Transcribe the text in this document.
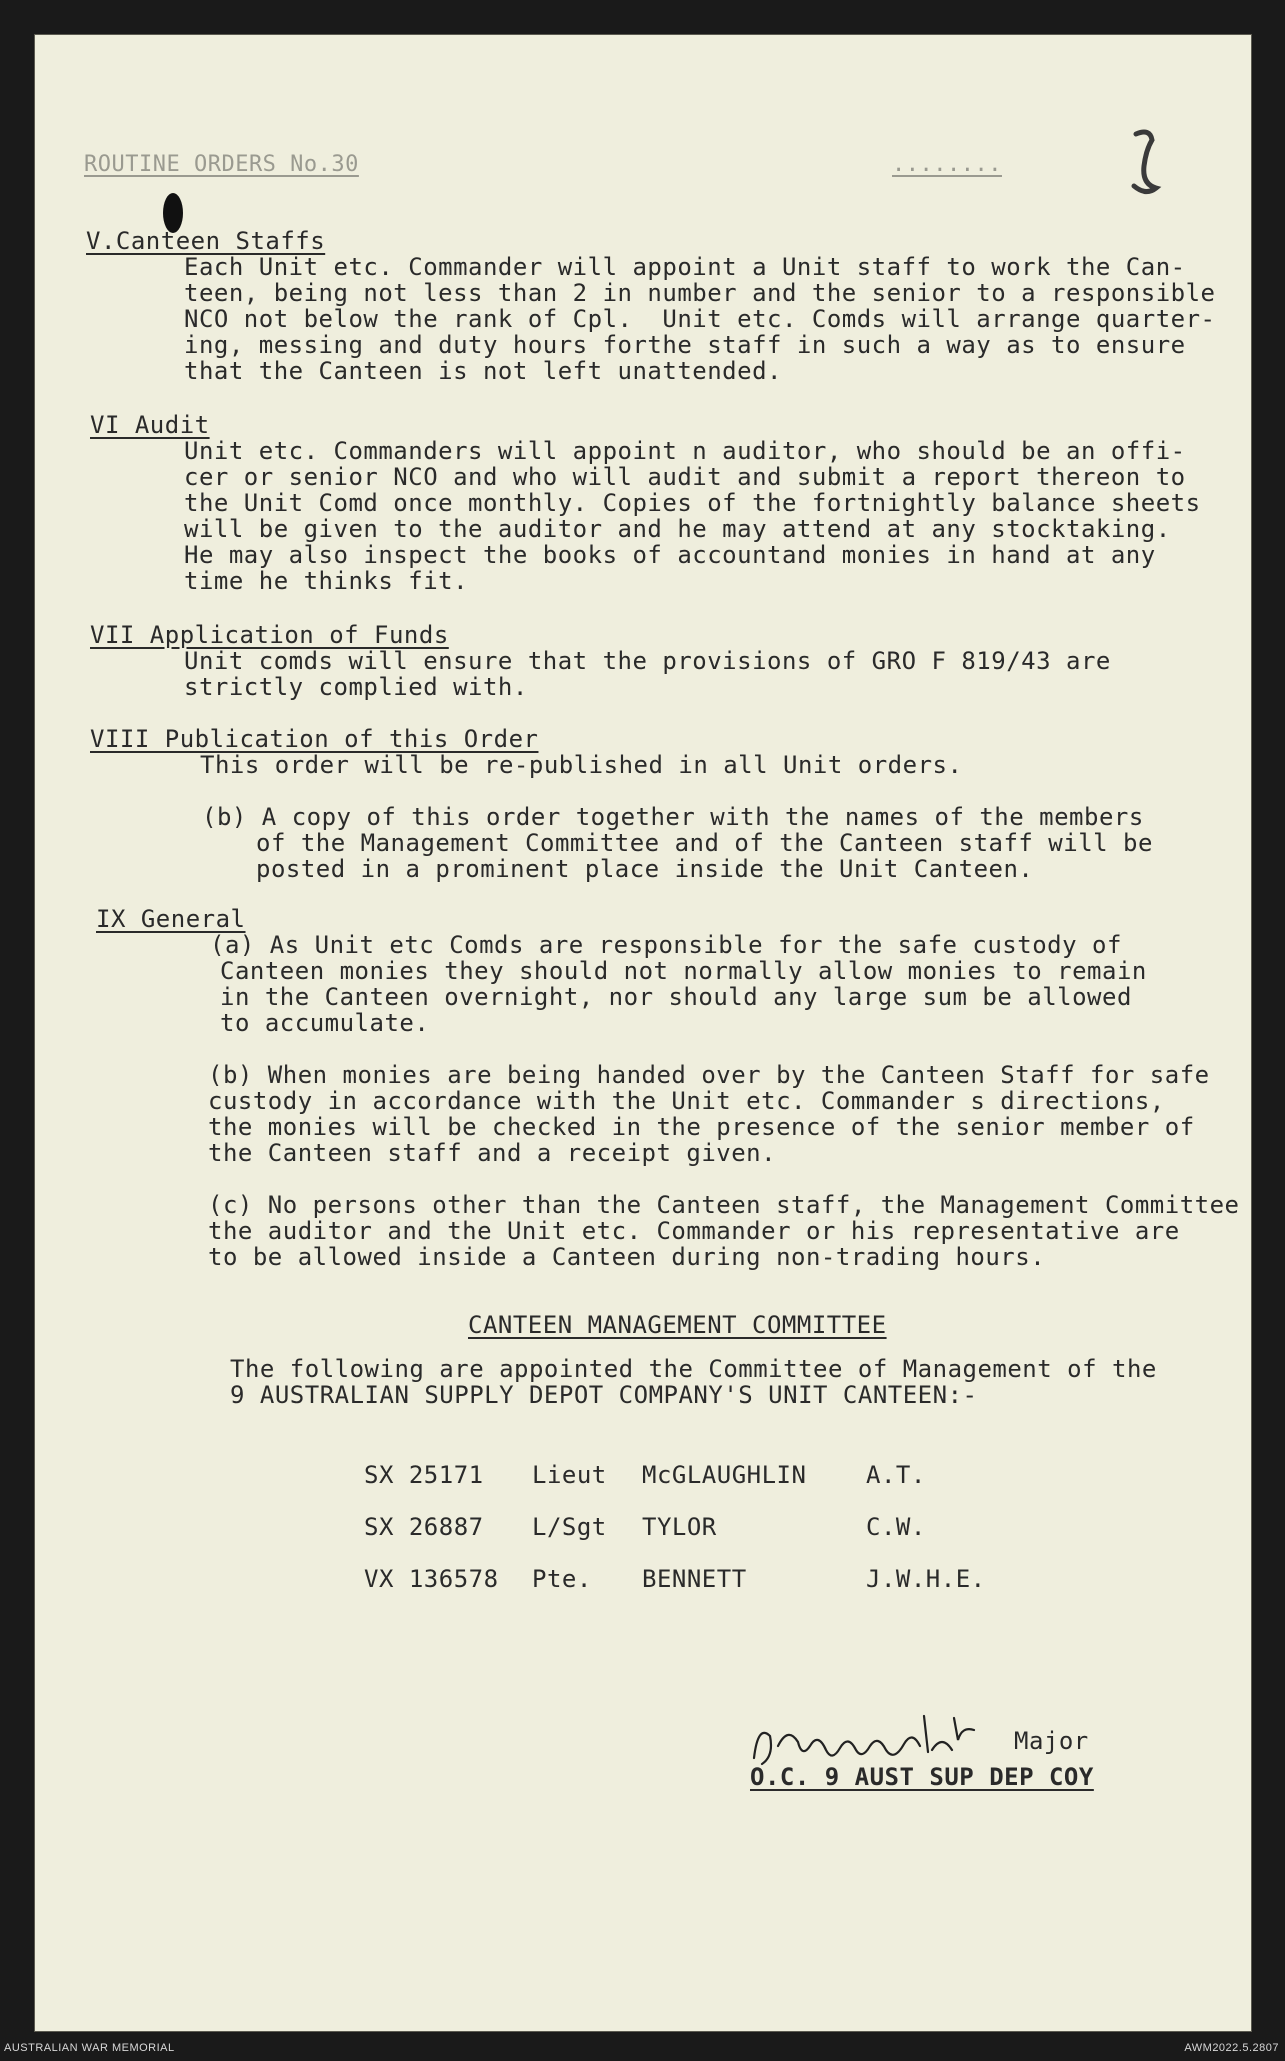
ROUTINE ORDERS No.30	........
V.Canteen Staffs
Each Unit etc. Commander will appoint a Unit staff to work the Can-
teen, being not less than 2 in number and the senior to a responsible
NCO not below the rank of Cpl.  Unit etc. Comds will arrange quarter-
ing, messing and duty hours forthe staff in such a way as to ensure
that the Canteen is not left unattended.
VI Audit
Unit etc. Commanders will appoint n auditor, who should be an offi-
cer or senior NCO and who will audit and submit a report thereon to
the Unit Comd once monthly. Copies of the fortnightly balance sheets
will be given to the auditor and he may attend at any stocktaking.
He may also inspect the books of accountand monies in hand at any
time he thinks fit.
VII Application of Funds
Unit comds will ensure that the provisions of GRO F 819/43 are
strictly complied with.
VIII Publication of this Order
This order will be re-published in all Unit orders.
(b) A copy of this order together with the names of the members
of the Management Committee and of the Canteen staff will be
posted in a prominent place inside the Unit Canteen.
IX General
(a) As Unit etc Comds are responsible for the safe custody of
Canteen monies they should not normally allow monies to remain
in the Canteen overnight, nor should any large sum be allowed
to accumulate.
(b) When monies are being handed over by the Canteen Staff for safe
custody in accordance with the Unit etc. Commander s directions,
the monies will be checked in the presence of the senior member of
the Canteen staff and a receipt given.
(c) No persons other than the Canteen staff, the Management Committee
the auditor and the Unit etc. Commander or his representative are
to be allowed inside a Canteen during non-trading hours.
CANTEEN MANAGEMENT COMMITTEE
The following are appointed the Committee of Management of the
9 AUSTRALIAN SUPPLY DEPOT COMPANY'S UNIT CANTEEN:-
SX 25171 Lieut McGLAUGHLIN A.T.
SX 26887 L/Sgt TYLOR	C.W.
VX 136578 Pte. BENNETT	J.W.H.E.
Major
O.C. 9 AUST SUP DEP COY
AUSTRALIAN WAR MEMORIAL	AWM2022.5.2807
